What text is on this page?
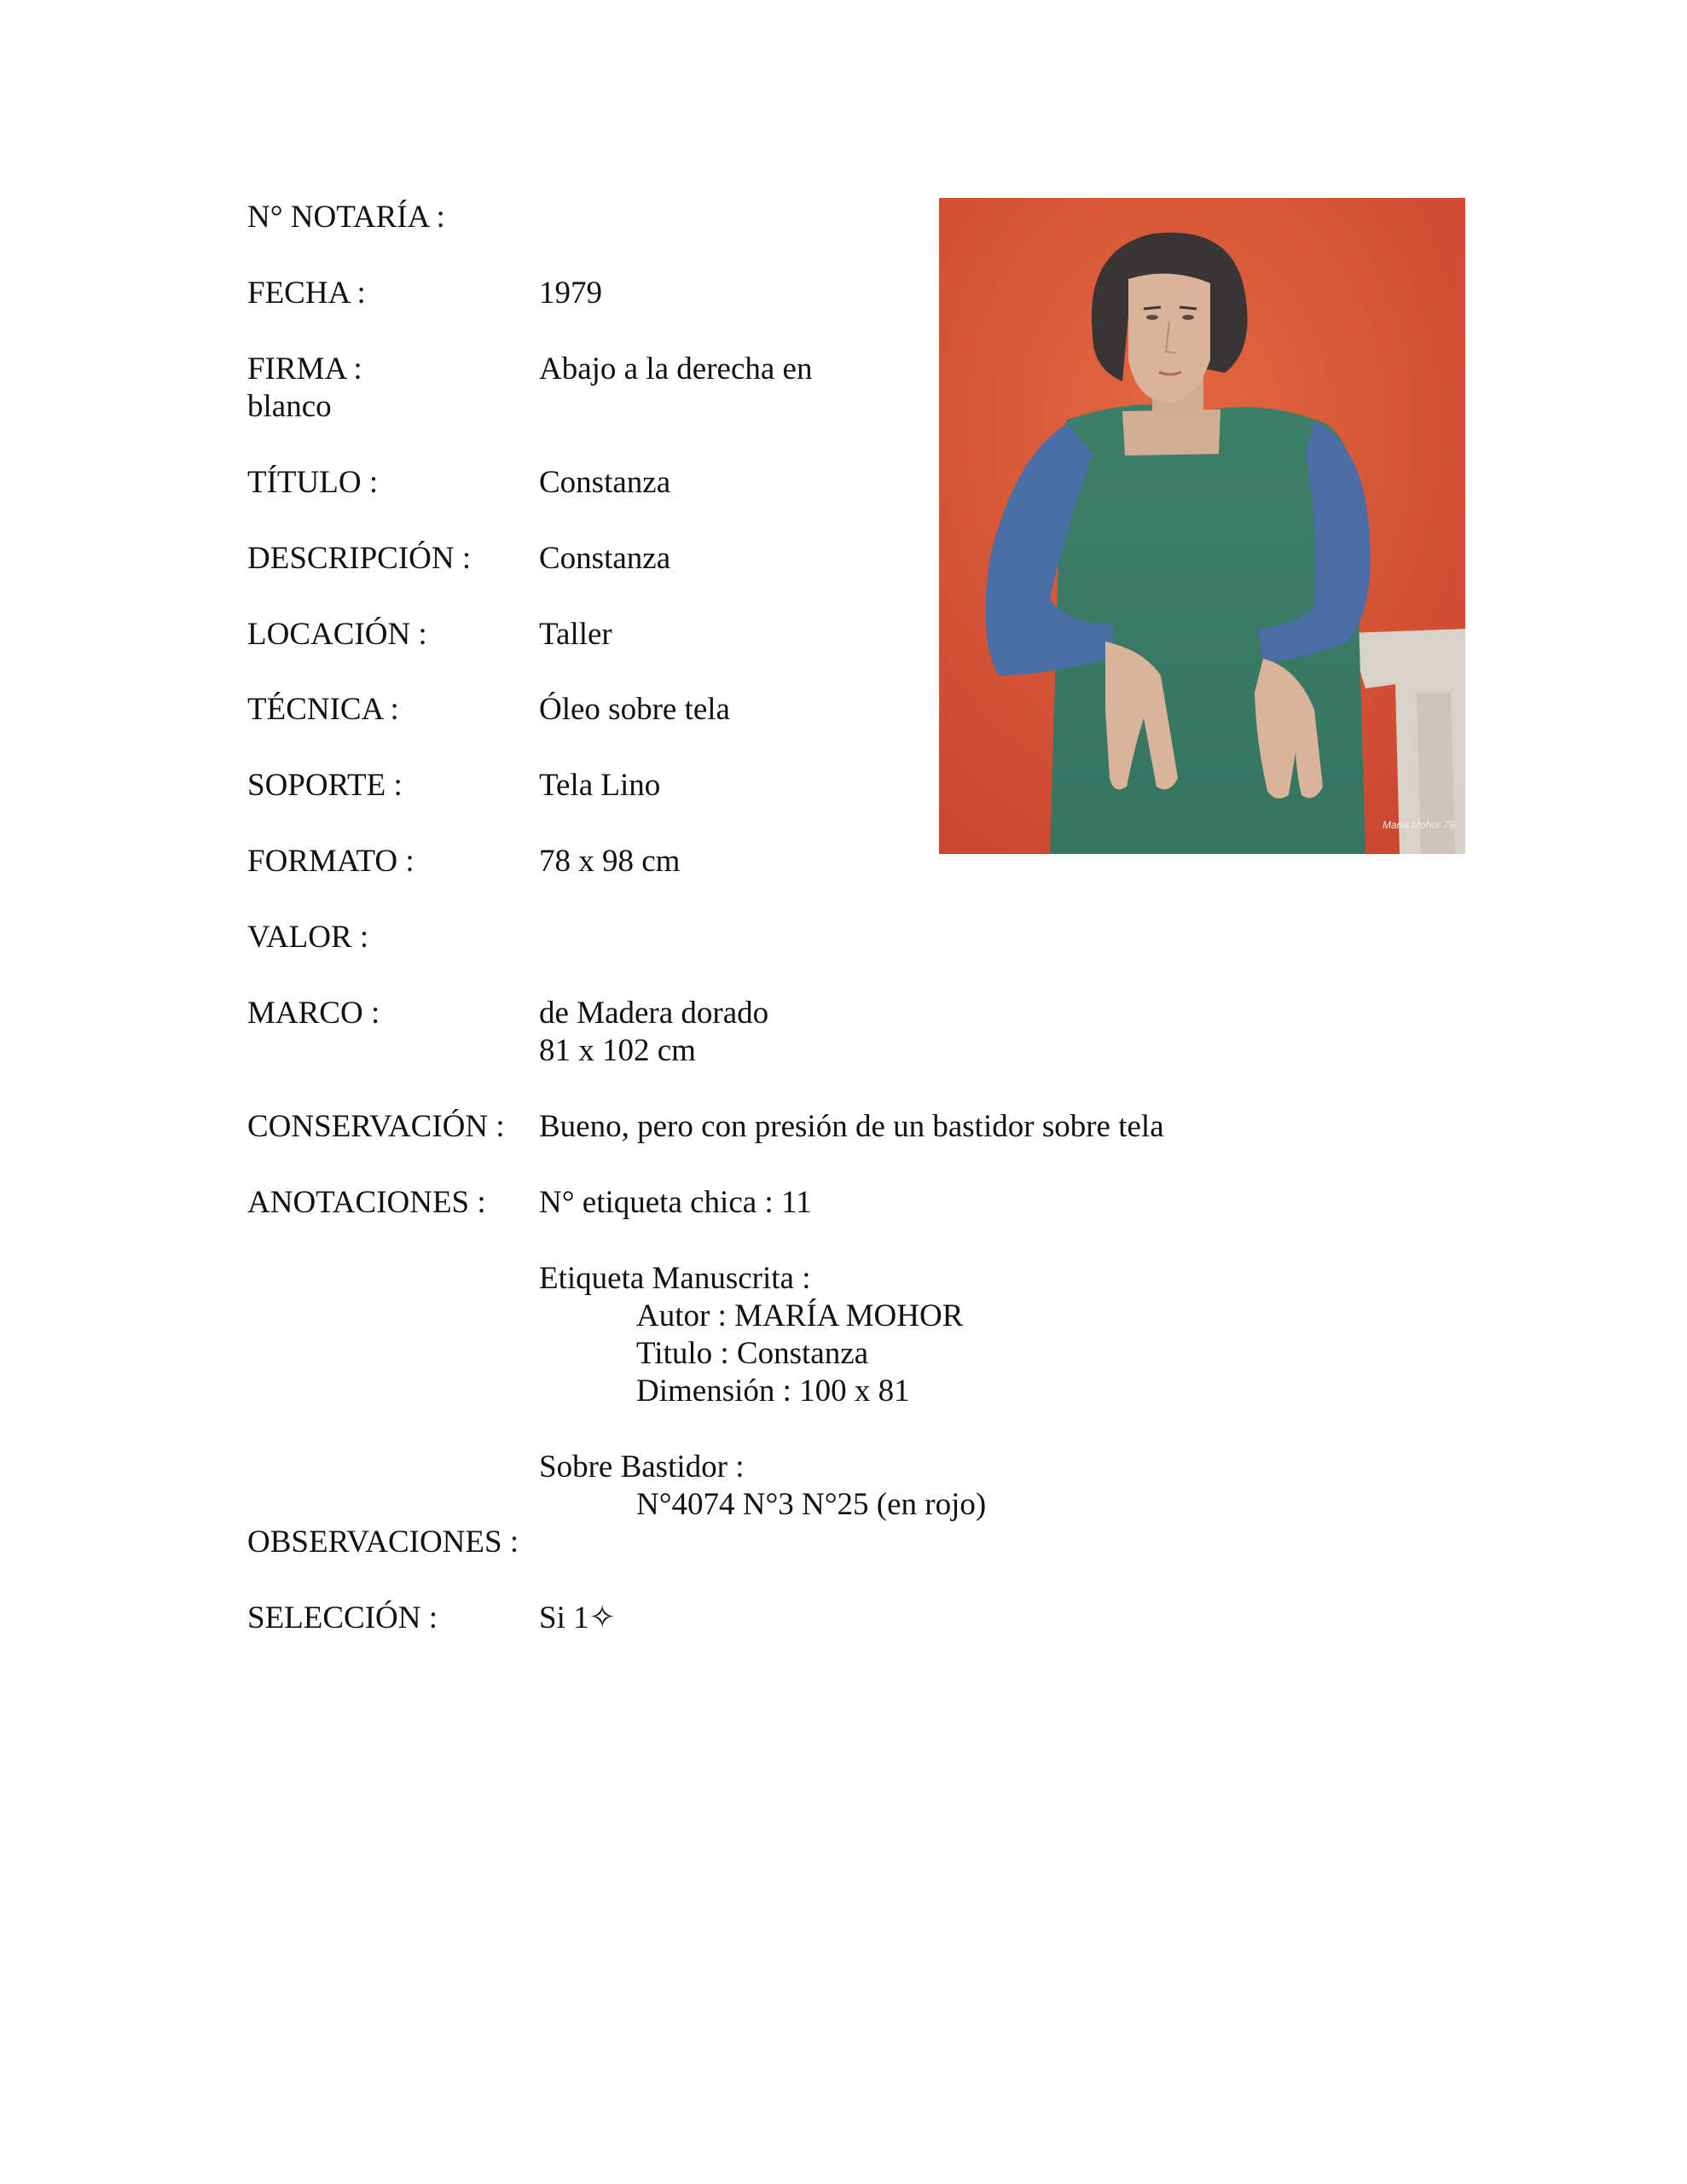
N° NOTARÍA :
FECHA :	1979
FIRMA :	Abajo a la derecha en
blanco
TÍTULO :	Constanza
DESCRIPCIÓN : Constanza
LOCACIÓN :	Taller
TÉCNICA :	Óleo sobre tela
SOPORTE :	Tela Lino
FORMATO :	78 x 98 cm
VALOR :
MARCO :	de Madera dorado
81 x 102 cm
CONSERVACIÓN : Bueno, pero con presión de un bastidor sobre tela
ANOTACIONES : N° etiqueta chica : 11
Etiqueta Manuscrita :
Autor : MARÍA MOHOR
Titulo : Constanza
Dimensión : 100 x 81
Sobre Bastidor :
N°4074 N°3 N°25 (en rojo)
OBSERVACIONES :
SELECCIÓN :	Si 1✧
María Mohor 79
